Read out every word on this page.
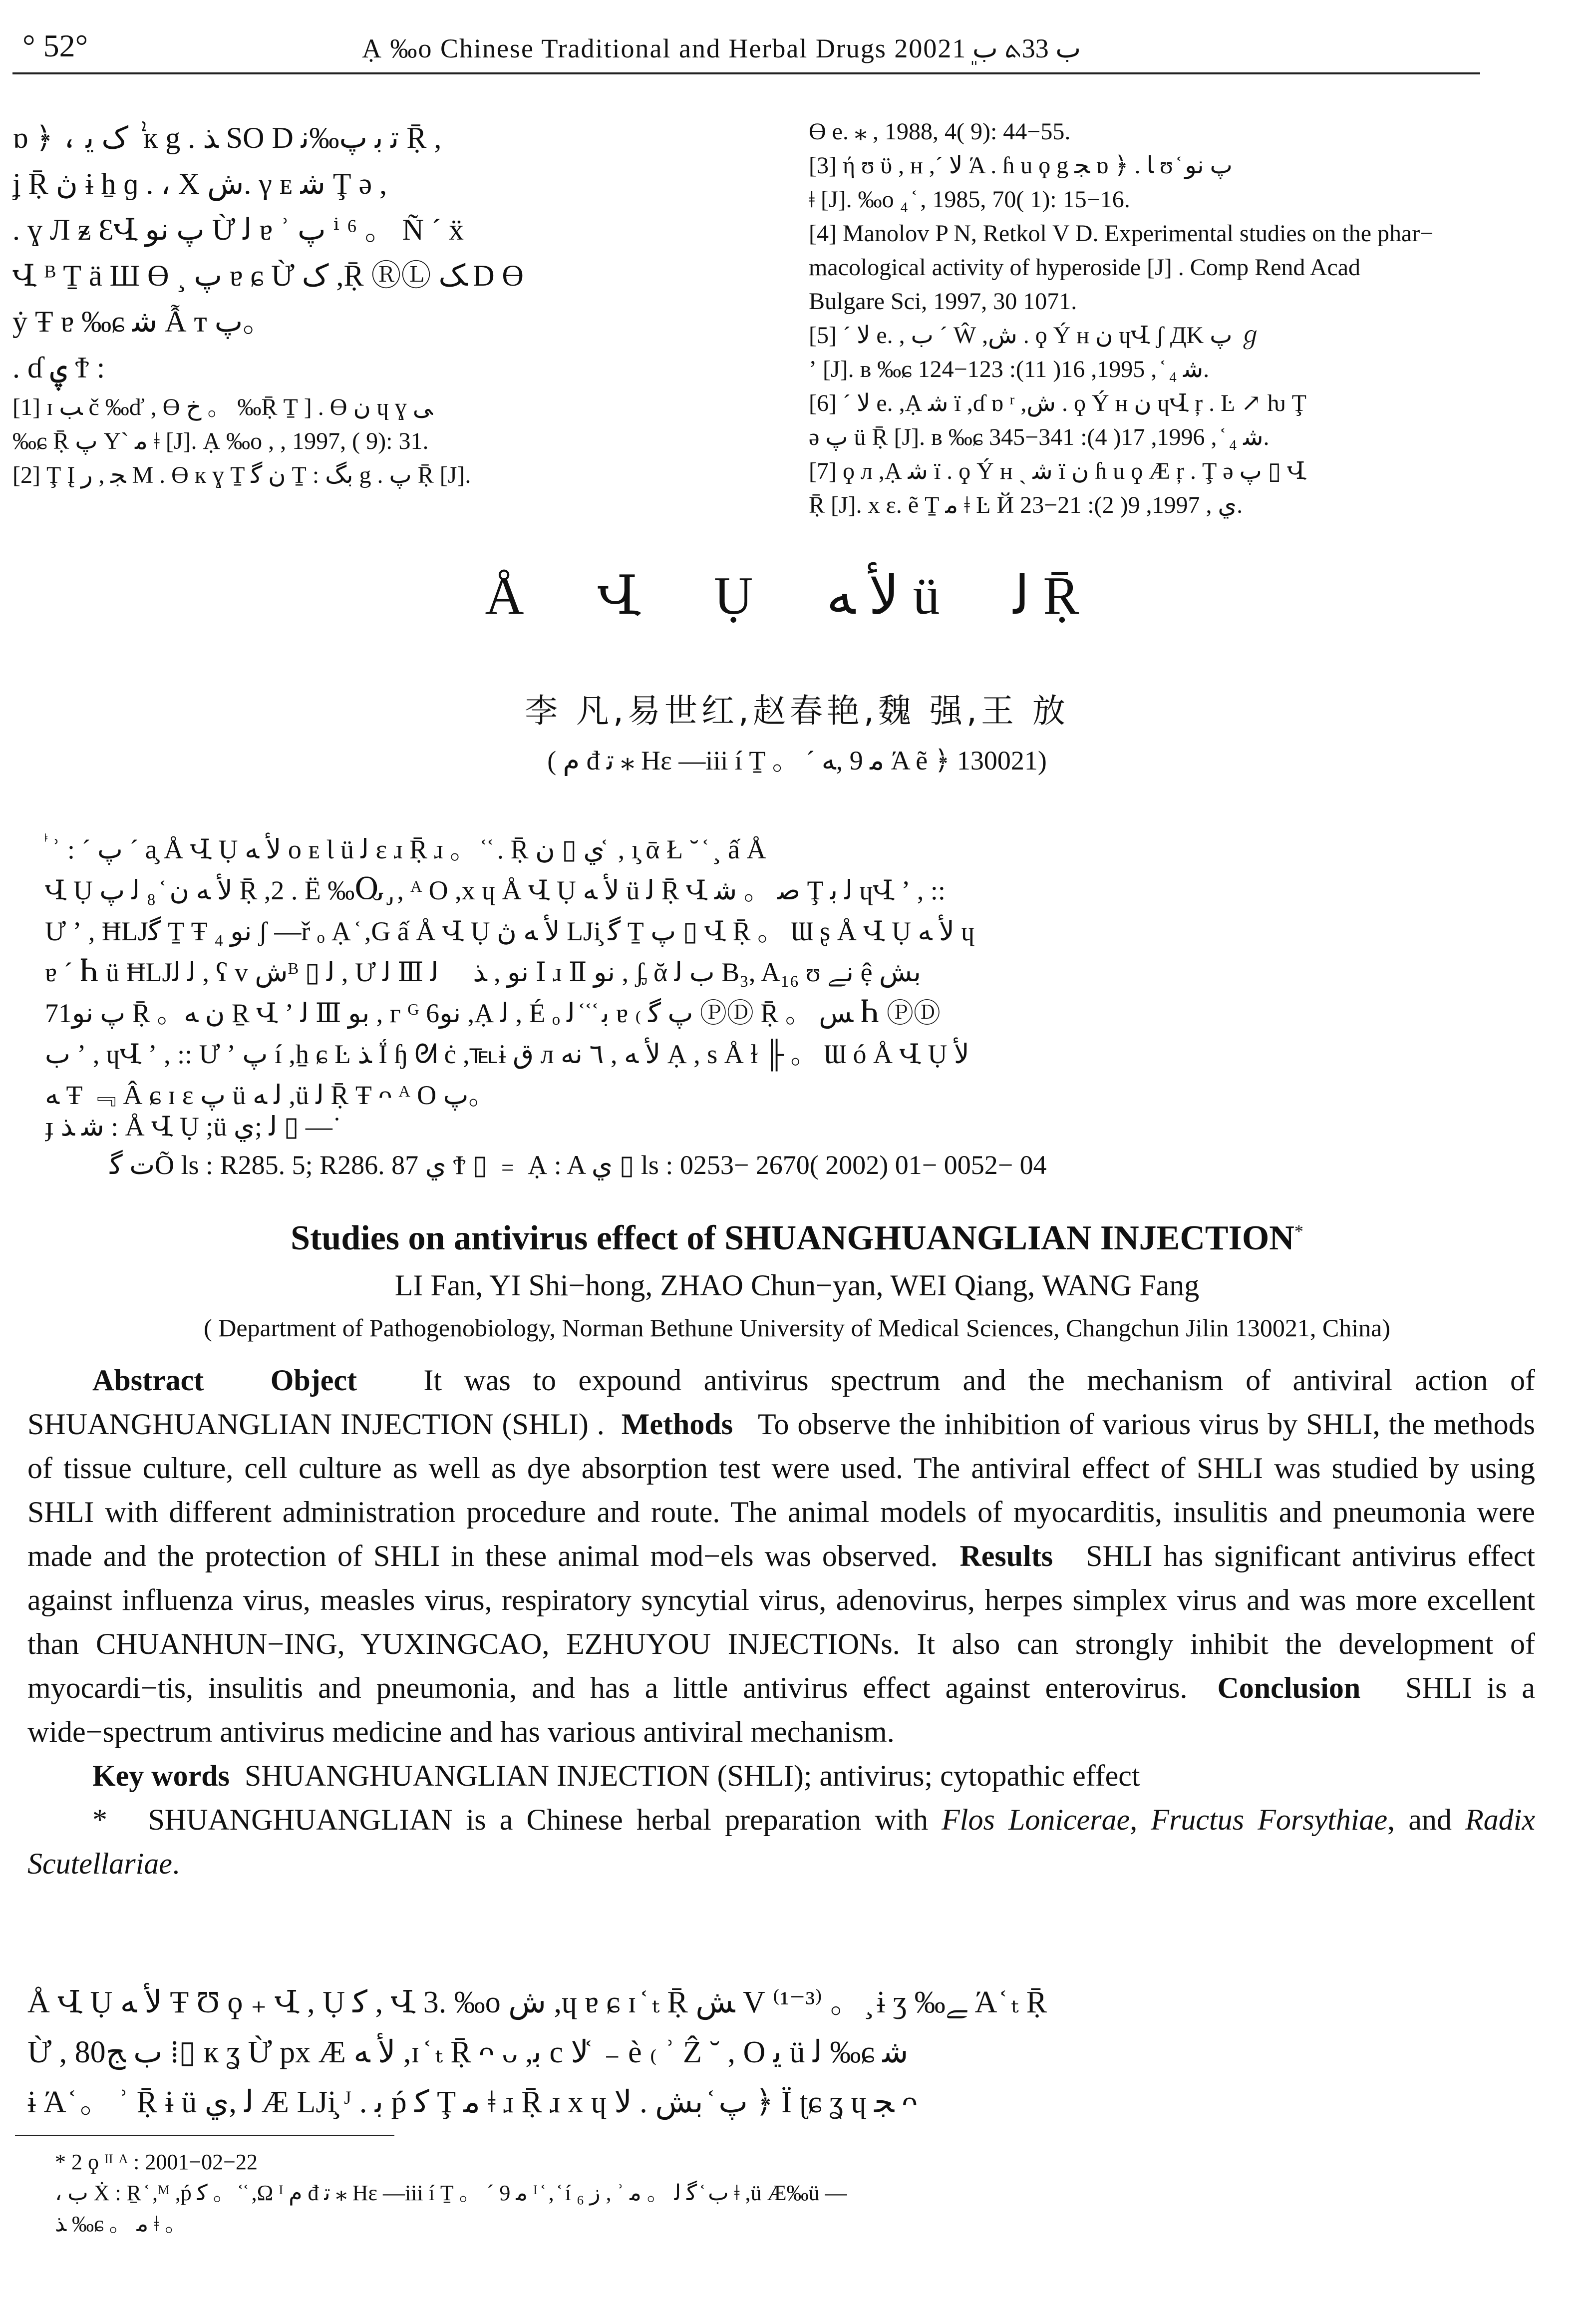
° 52°	Ạ ‰o Chinese Traditional and Herbal Drugs 2002ب 33ܬ ب 1ܸ
ɒ ﴿ ، ک ﯾ ܑ к g . ﺬ SO D ﺗ ﺑ ﭖ‰ﻧ Ṝ ,
ʝ Ṝ ڽ ɨ ẖ ɡ . ، X ﺵ. γ ᴇ ﺷ Ţ ə ,
. ɣ Л ᵶ ƐՎ ﭖ ﻧﻮ Ừ ﻟ ɐ ʾ ﭖ ⁱ ⁶ 。 Ñ ˊ ẍ
Վ ᴮ Ṯ ӓ Ш Ɵ ¸ ﭖ ɐ ɕ Ừ ک ,Ṝ ⓇⓁ ﮏ D Ɵ
ẏ Ŧ ɐ ‰ɕ ﺷ Ẫ ᴛ ﭖ。
. ɗ ۑ Ϯ :
[1] ɪ ﺐ č ‰ď , Ɵ ﺥ 。 ‰Ṝ Ṯ ] . Ɵ ﻥ ɥ ɣ ﯽ
‰ɕ Ṝ ﭖ Y` ﻣ ǂ [J]. Ạ ‰o , , 1997, ( 9): 31.
[2] Ţ Į ﺠ , ﺭ M . Ɵ к ɣ Ṯ ﻥ ﮔ Ṯ : ﺑﮓ g . ﭖ Ṝ [J].
Ɵ e. ⁎ , 1988, 4( 9): 44−55.
[3] ή ʊ ϋ , ʜ ,ˊ ﻻ Ά . ɦ u ϙ g ﺠ ɒ ﴿ . ﺎ ʊ ᷾ ﭖ ﻧﻮ
ǂ [J]. ‰o ₄ ᷾ , 1985, 70( 1): 15−16.
[4] Manolov P N, Retkol V D. Experimental studies on the phar−
macological activity of hyperoside [J] . Comp Rend Acad
Bulgare Sci, 1997, 30 1071.
[5] ˊ ﻻ e. , ﺏ ˊ Ŵ ,ﺵ . ϙ Ý ʜ ﻥ ɥՎ ʃ ДK ﭖ ℊ
ʼ [J]. ʙ ‰ɕ ﺷ ₄ ᷾ , 1995, 16( 11): 123−124.
[6] ˊ ﻻ e. ,Ạ ﺷ ï ,ɗ ɒ ʳ ,ﺵ . ϙ Ý ʜ ﻥ ɥՎ ŗ . Ŀ ↗ ƕ Ţ
ə ﭖ ü Ṝ [J]. ʙ ‰ɕ ﺷ ₄ ᷾ , 1996, 17( 4): 341−345.
[7] ϙ ᴫ ,Ạ ﺷ ï . ϙ Ý ʜ ˎ ﺷ ï ﻥ ɦ u ϙ Æ ŗ . Ţ ə ﭖ ▯ Վ
Ṝ [J]. x ε. ẽ Ṯ ﻣ ǂ Ŀ Й ﻱ , 1997, 9( 2): 21−23.
Å Վ Ụ ﻷ ﻪ ü ﻟ Ṝ
李 凡,易世红,赵春艳,魏 强,王 放
( ﻡ đ ﺗ ⁎ Hɛ —iii í Ṯ 。 ˊ ﻣ 9 ,ﻪ Ά ẽ ﴿ 130021)
ᷬ ʾ : ˊ ﭖ ˊ a̧ Å Վ Ụ ﻷ ﻪ ᴏ ᴇ Ɩ ü ﻟ ɛ ɹ Ṝ ɹ 。 ᷾ ᷾ . Ṝ ﻱ ▯ ﻥ ᷾ , ı̧ ᾱ Ł ˘ ᷾ ¸ ấ Å
Վ Ụ ﻷ ﻪ ﻥ ᷾ ₈ ﻟ ﭖ Ṝ ,2 . Ë ‰Ⴍ ̡ , ᴬ O ,x ɥ Å Վ Ụ ﻷ ﻪ ü ﻟ Ṝ Վ ﺻ 。 ﺷ Ţ ﻟ ﺑ ɥՎ ʼ , ::
Ư ʼ , ĦLJﮔ Ṯ Ŧ ﻧﻮ ₄ ʃ —ř ₒ Ạ ᷾ ,G ấ Å Վ Ụ ﻷ ﻪ ڽ LJi̧ ﮔ Ṯ ﭖ ▯ Վ Ṝ 。 Ɯ ʂ Å Վ Ụ ﻷ ﻪ ɥ
ɐ ˊ Ⴙ ü ĦLJﻟ ﻟ , ʕ ᴠ ﺵᴮ ▯ ﻟ , Ư ﻟ Ⅲ ﻧﻮ , ﺬ ᷍ ﻟ Ⅰ ɹ Ⅱ ﻧﻮ , ᶋ ᾰ ﺏ ﻟ B₃, A₁₆ ʊ ﻧﮯ ệ ﺑﺶ
71ﭖ ﻧﻮ Ṝ 。ﻥ ﻪ Ṟ Վ ʼ ﻟ Ⅲ ﺑﻮ , ᴦ ᴳ 6ﻧﻮ ,Ạ ﻟ , É ₒ ﺑ ᷾ ᷾ ᷾ ﻟ ɐ ₍ ﭖ ﮔ ⓅⒹ Ṝ 。 ﺲ Ⴙ ⓅⒹ
ﺏ ʼ , ɥՎ ʼ , :: Ư ʼ ﭖ í ,ẖ ɕ Ŀ ﺬ Ḯ ɧ ᘛ ċ ,℡ɨ ﻕ л ﻷ ﻪ , ٦ ﻧﻪ Ạ , ѕ Å ɫ ╟ 。 Ɯ ó Å Վ Ụ ﻷ
ﻪ Ŧ ﹃ Â ɕ ɪ ɛ ﭖ ü ﻟ ﻪ ,ü ﻟ Ṝ Ŧ ᴖ ᴬ O ﭖ。
ɟ ﺷ ﺬ : Å Վ Ụ ;ü ﻟ ;ﻱ ▯ —˙
ت ﮔÕ ls : R285. 5; R286. 87 ﻱ Ϯ ▯ ﹦ Ạ : A ﻱ ▯ ls : 0253− 2670( 2002) 01− 0052− 04
Studies on antivirus effect of SHUANGHUANGLIAN INJECTION*
LI Fan, YI Shi−hong, ZHAO Chun−yan, WEI Qiang, WANG Fang
( Department of Pathogenobiology, Norman Bethune University of Medical Sciences, Changchun Jilin 130021, China)

Abstract Object It was to expound antivirus spectrum and the mechanism of antiviral action of SHUANGHUANGLIAN INJECTION (SHLI) . Methods To observe the inhibition of various virus by SHLI, the methods of tissue culture, cell culture as well as dye absorption test were used. The antiviral effect of SHLI was studied by using SHLI with different administration procedure and route. The animal models of myocarditis, insulitis and pneumonia were made and the protection of SHLI in these animal mod−els was observed. Results SHLI has significant antivirus effect against influenza virus, measles virus, respiratory syncytial virus, adenovirus, herpes simplex virus and was more excellent than CHUANHUN−ING, YUXINGCAO, EZHUYOU INJECTIONs. It also can strongly inhibit the development of myocardi−tis, insulitis and pneumonia, and has a little antivirus effect against enterovirus. Conclusion SHLI is a wide−spectrum antivirus medicine and has various antiviral mechanism.

Key words SHUANGHUANGLIAN INJECTION (SHLI); antivirus; cytopathic effect

* SHUANGHUANGLIAN is a Chinese herbal preparation with Flos Lonicerae, Fructus Forsythiae, and Radix Scutellariae.

Å Վ Ụ ﻷ ﻪ Ŧ Ʊ ϙ ₊ Վ , Ụ ﮐ , Վ 3. ‰o ﺵ ,ɥ ɐ ɕ ɪ ᷾ ₜ Ṝ ﺶ V ⁽¹⁻³⁾ 。 ̧ ɨ ʒ ‰ﮯ Ά ᷾ ₜ Ṝ
Ừ , 80ب ﺞ ⁞▯ к ʓ Ừ px Æ ﻷ ﻪ ,ɪ ᷾ ₜ Ṝ ᴖ ᴗ ,ﺑ c ﻻ ᷾ ₋ è ₍ ʾ Ẑ ˘ , O ﻳ ü ﻟ ‰ɕ ﺷ
ɨ Ά ᷾ 。 ʾ Ṝ ɨ ü ﻟ ,ﻱ Æ LJi̧ ᴶ . ﺑ ṕ ﮐ Ţ ﻣ ǂ ɹ Ṝ ɹ x ɥ ﭖ ᷾ ﺑﺶ . ﻻ ﴿ Ï ʈɕ ʓ ɥ ﺠ ᴖ
* 2 ϙ ᴵᴵ ᴬ : 2001−02−22
، ﺏ Ẋ : Ṟ ᷾ ,ᴹ ,ṕ ﮐ 。 ᷾ ᷾ ,Ω ᴵ ﻡ đ ﺗ ⁎ Hɛ —iii í Ṯ 。 ˊ ﻣ 9 ᴵ ᷾ , ᷾ í ﺯ ₆ , ʾ ﺏ ᷾ ﮔ ﻟ 。 ﻣ ǂ ,ü Æ‰ü —
ﺬ ‰ɕ 。 ﻣ ǂ 。
